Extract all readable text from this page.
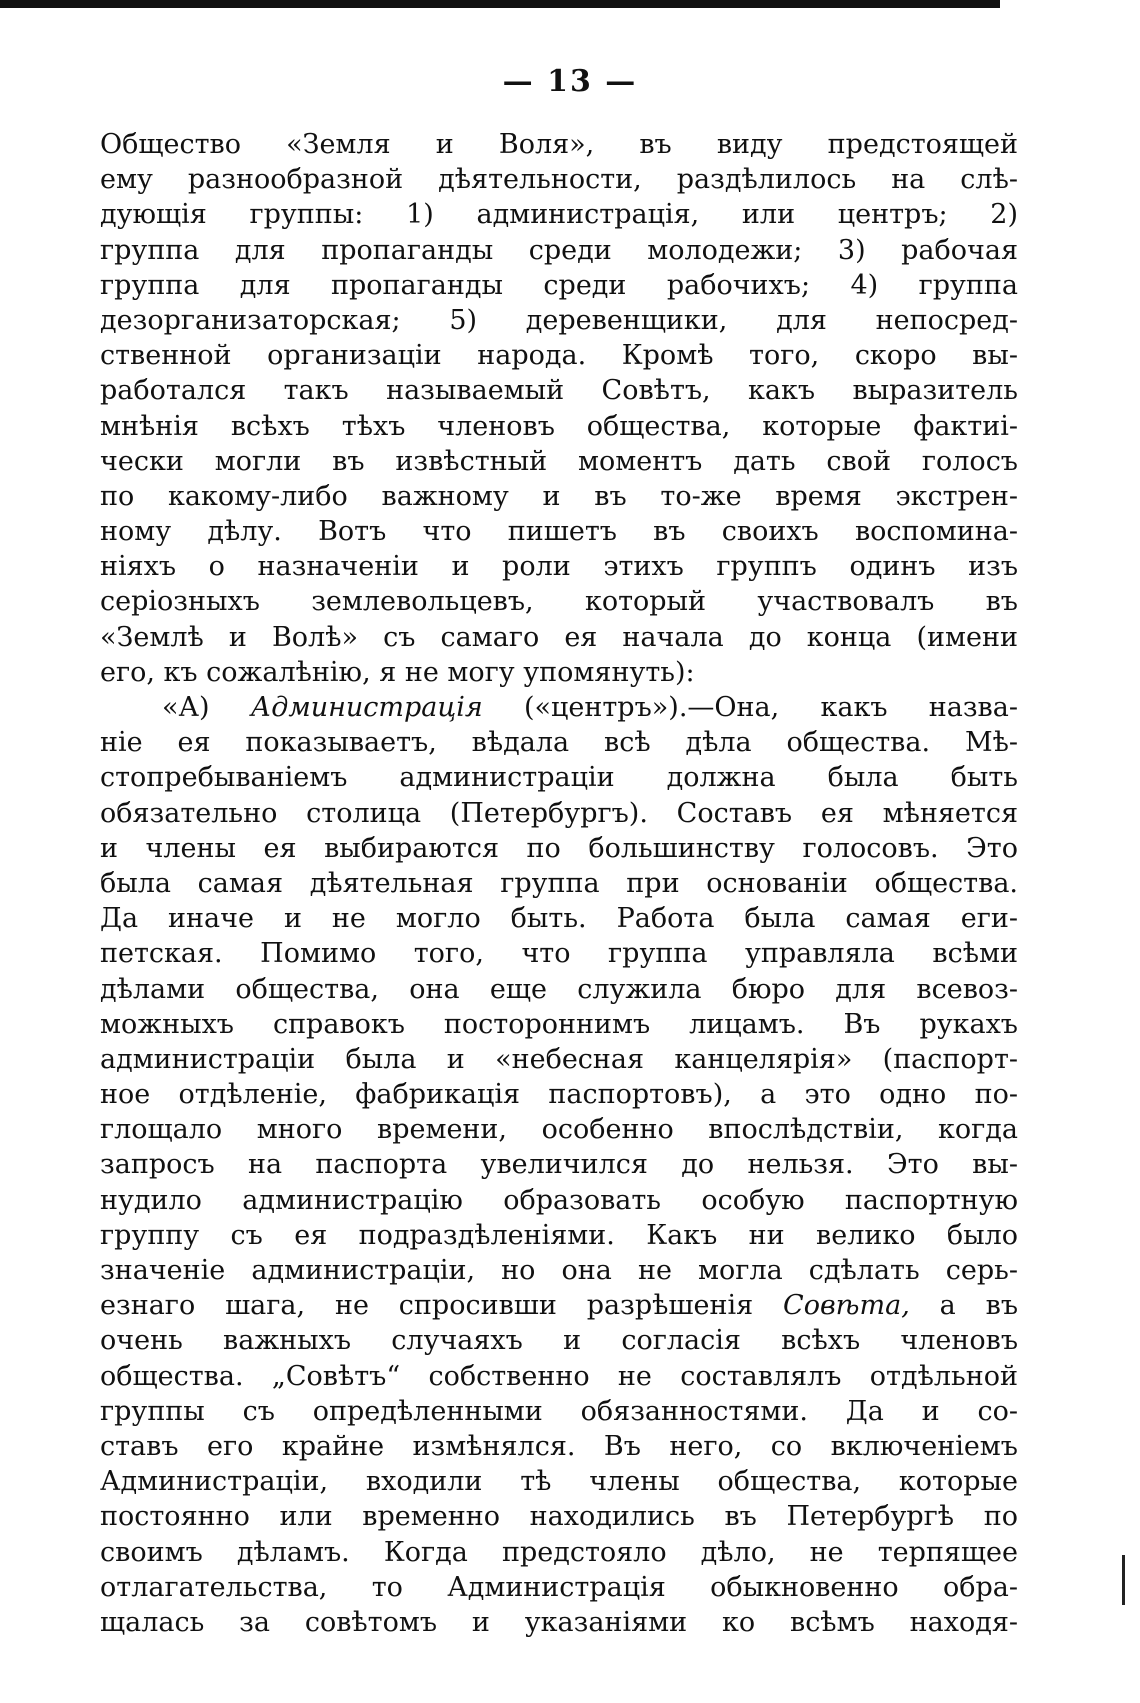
— 13 —
Общество «Земля и Воля», въ виду предстоящей
ему разнообразной дѣятельности, раздѣлилось на слѣ-
дующія группы: 1) администрація, или центръ; 2)
группа для пропаганды среди молодежи; 3) рабочая
группа для пропаганды среди рабочихъ; 4) группа
дезорганизаторская; 5) деревенщики, для непосред-
ственной организаціи народа. Кромѣ того, скоро вы-
работался такъ называемый Совѣтъ, какъ выразитель
мнѣнія всѣхъ тѣхъ членовъ общества, которые фактиі-
чески могли въ извѣстный моментъ дать свой голосъ
по какому-либо важному и въ то-же время экстрен-
ному дѣлу. Вотъ что пишетъ въ своихъ воспомина-
ніяхъ о назначеніи и роли этихъ группъ одинъ изъ
серіозныхъ землевольцевъ, который участвовалъ въ
«Землѣ и Волѣ» съ самаго ея начала до конца (имени
его, къ сожалѣнію, я не могу упомянуть):
«А) Администрація («центръ»).—Она, какъ назва-
ніе ея показываетъ, вѣдала всѣ дѣла общества. Мѣ-
стопребываніемъ администраціи должна была быть
обязательно столица (Петербургъ). Составъ ея мѣняется
и члены ея выбираются по большинству голосовъ. Это
была самая дѣятельная группа при основаніи общества.
Да иначе и не могло быть. Работа была самая еги-
петская. Помимо того, что группа управляла всѣми
дѣлами общества, она еще служила бюро для всевоз-
можныхъ справокъ постороннимъ лицамъ. Въ рукахъ
администраціи была и «небесная канцелярія» (паспорт-
ное отдѣленіе, фабрикація паспортовъ), а это одно по-
глощало много времени, особенно впослѣдствіи, когда
запросъ на паспорта увеличился до нельзя. Это вы-
нудило администрацію образовать особую паспортную
группу съ ея подраздѣленіями. Какъ ни велико было
значеніе администраціи, но она не могла сдѣлать серь-
езнаго шага, не спросивши разрѣшенія Совѣта, а въ
очень важныхъ случаяхъ и согласія всѣхъ членовъ
общества. „Совѣтъ“ собственно не составлялъ отдѣльной
группы съ опредѣленными обязанностями. Да и со-
ставъ его крайне измѣнялся. Въ него, со включеніемъ
Администраціи, входили тѣ члены общества, которые
постоянно или временно находились въ Петербургѣ по
своимъ дѣламъ. Когда предстояло дѣло, не терпящее
отлагательства, то Администрація обыкновенно обра-
щалась за совѣтомъ и указаніями ко всѣмъ находя-
